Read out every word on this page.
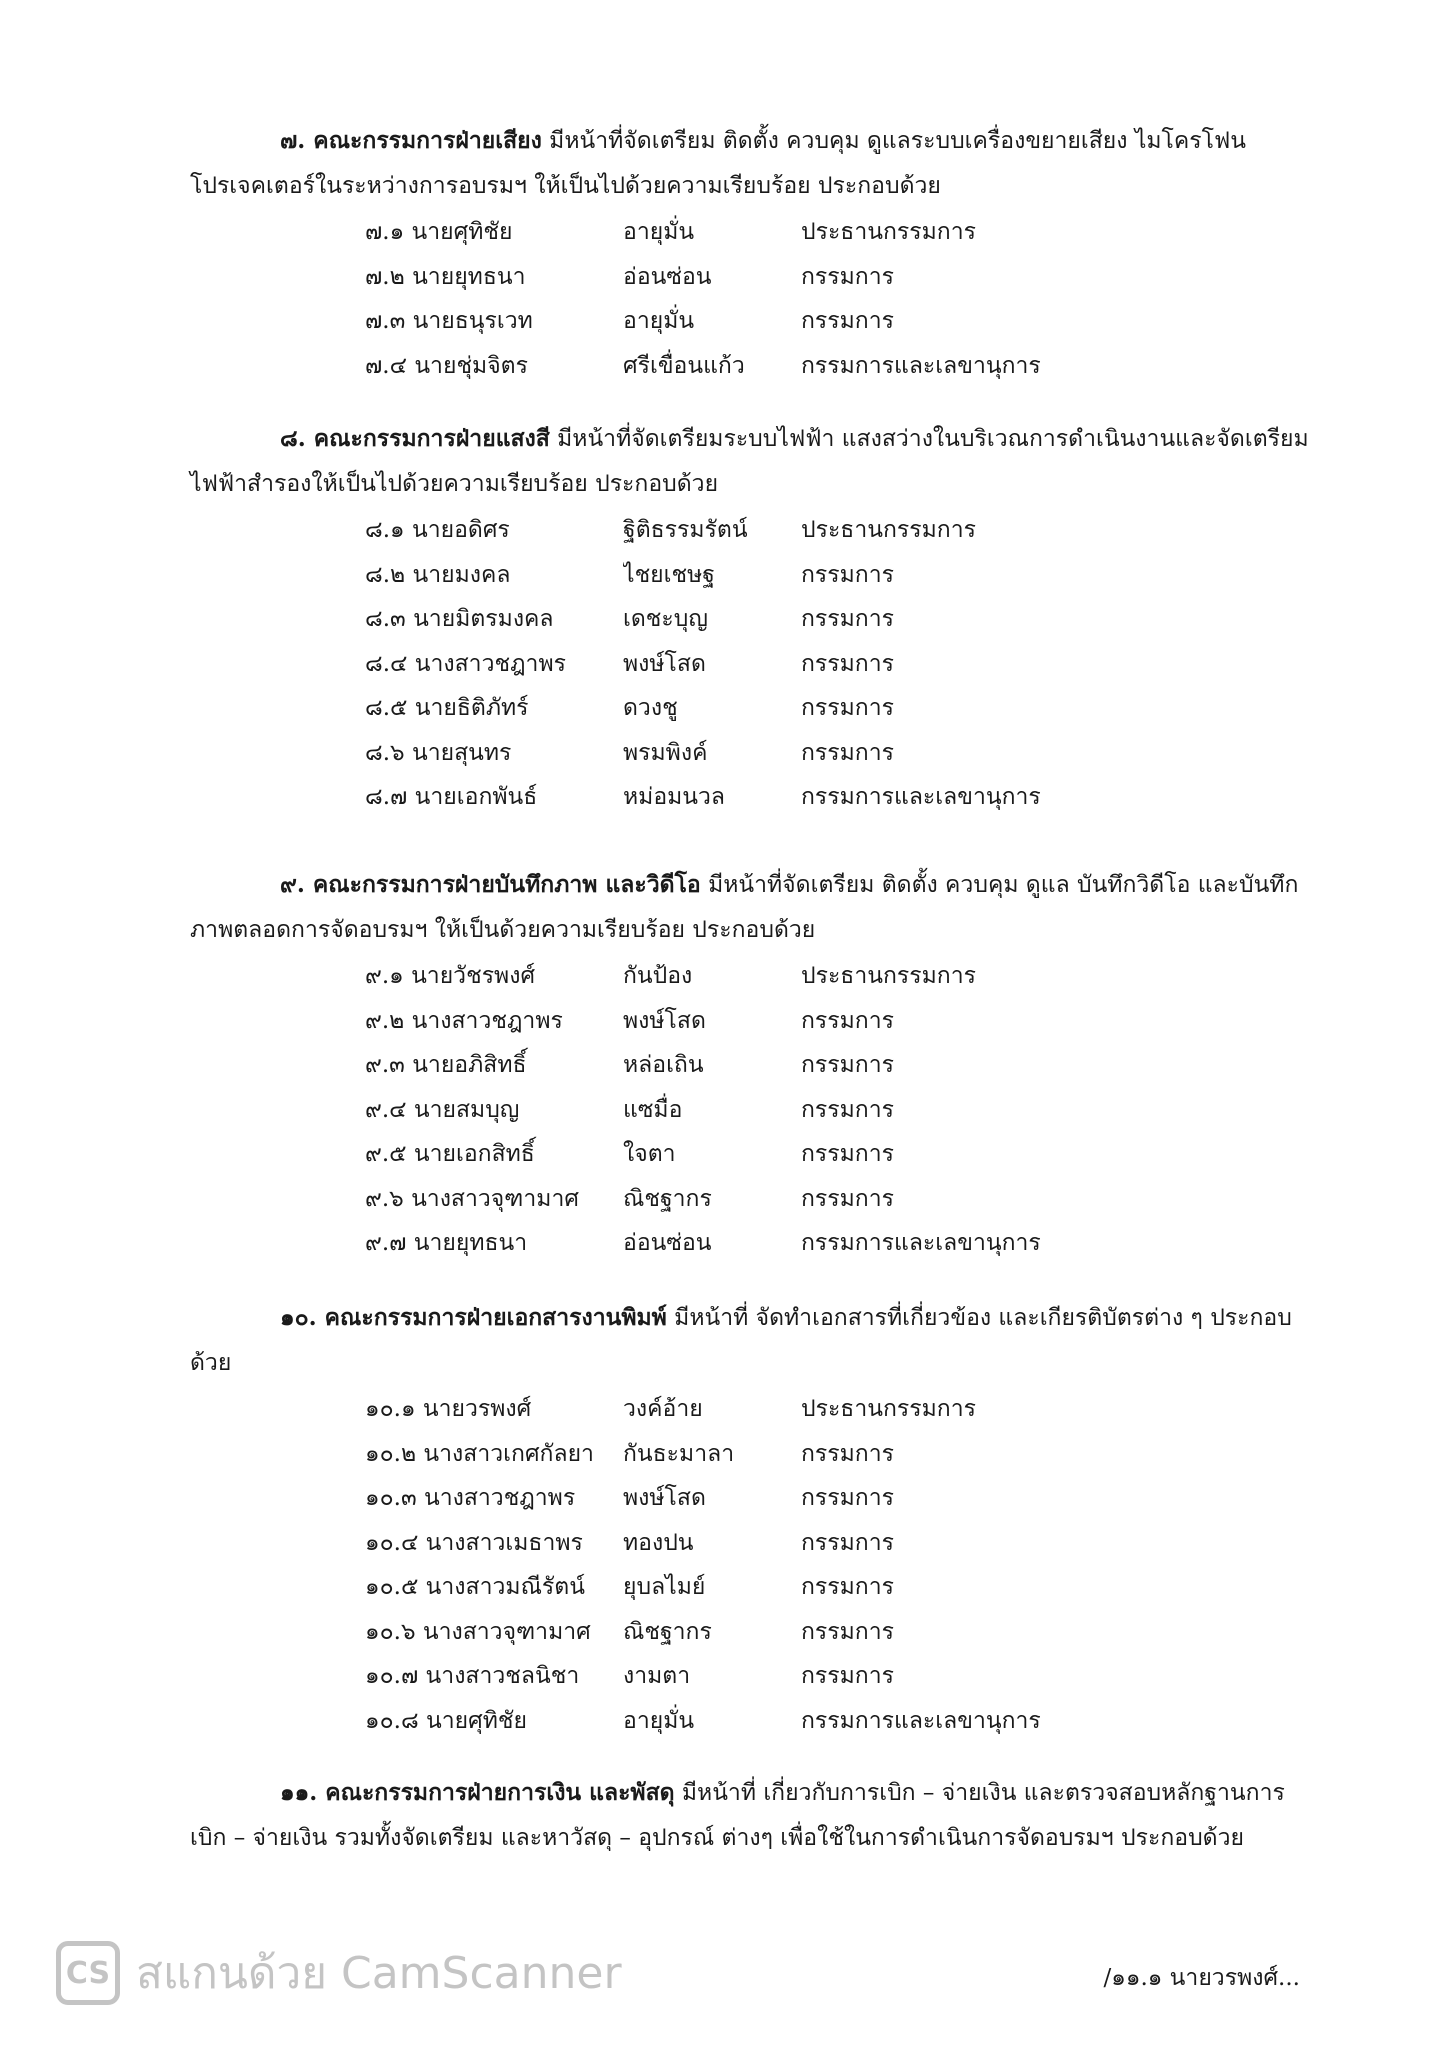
๗. คณะกรรมการฝ่ายเสียง มีหน้าที่จัดเตรียม ติดตั้ง ควบคุม ดูแลระบบเครื่องขยายเสียง ไมโครโฟน โปรเจคเตอร์ในระหว่างการอบรมฯ ให้เป็นไปด้วยความเรียบร้อย ประกอบด้วย

๗.๑ นายศุทิชัย	อายุมั่น	ประธานกรรมการ
๗.๒ นายยุทธนา	อ่อนซ่อน	กรรมการ
๗.๓ นายธนุรเวท	อายุมั่น	กรรมการ
๗.๔ นายชุ่มจิตร	ศรีเขื่อนแก้ว	กรรมการและเลขานุการ

๘. คณะกรรมการฝ่ายแสงสี มีหน้าที่จัดเตรียมระบบไฟฟ้า แสงสว่างในบริเวณการดำเนินงานและจัดเตรียมไฟฟ้าสำรองให้เป็นไปด้วยความเรียบร้อย ประกอบด้วย

๘.๑ นายอดิศร	ฐิติธรรมรัตน์	ประธานกรรมการ
๘.๒ นายมงคล	ไชยเชษฐ	กรรมการ
๘.๓ นายมิตรมงคล	เดชะบุญ	กรรมการ
๘.๔ นางสาวชฎาพร	พงษ์โสด	กรรมการ
๘.๕ นายธิติภัทร์	ดวงชู	กรรมการ
๘.๖ นายสุนทร	พรมพิงค์	กรรมการ
๘.๗ นายเอกพันธ์	หม่อมนวล	กรรมการและเลขานุการ

๙. คณะกรรมการฝ่ายบันทึกภาพ และวิดีโอ มีหน้าที่จัดเตรียม ติดตั้ง ควบคุม ดูแล บันทึกวิดีโอ และบันทึกภาพตลอดการจัดอบรมฯ ให้เป็นด้วยความเรียบร้อย ประกอบด้วย

๙.๑ นายวัชรพงศ์	กันป้อง	ประธานกรรมการ
๙.๒ นางสาวชฎาพร	พงษ์โสด	กรรมการ
๙.๓ นายอภิสิทธิ์	หล่อเถิน	กรรมการ
๙.๔ นายสมบุญ	แซมื่อ	กรรมการ
๙.๕ นายเอกสิทธิ์	ใจตา	กรรมการ
๙.๖ นางสาวจุฑามาศ	ณิชฐากร	กรรมการ
๙.๗ นายยุทธนา	อ่อนซ่อน	กรรมการและเลขานุการ

๑๐. คณะกรรมการฝ่ายเอกสารงานพิมพ์ มีหน้าที่ จัดทำเอกสารที่เกี่ยวข้อง และเกียรติบัตรต่าง ๆ ประกอบด้วย

๑๐.๑ นายวรพงศ์	วงค์อ้าย	ประธานกรรมการ
๑๐.๒ นางสาวเกศกัลยา	กันธะมาลา	กรรมการ
๑๐.๓ นางสาวชฎาพร	พงษ์โสด	กรรมการ
๑๐.๔ นางสาวเมธาพร	ทองปน	กรรมการ
๑๐.๕ นางสาวมณีรัตน์	ยุบลไมย์	กรรมการ
๑๐.๖ นางสาวจุฑามาศ	ณิชฐากร	กรรมการ
๑๐.๗ นางสาวชลนิชา	งามตา	กรรมการ
๑๐.๘ นายศุทิชัย	อายุมั่น	กรรมการและเลขานุการ

๑๑. คณะกรรมการฝ่ายการเงิน และพัสดุ มีหน้าที่ เกี่ยวกับการเบิก – จ่ายเงิน และตรวจสอบหลักฐานการเบิก – จ่ายเงิน รวมทั้งจัดเตรียม และหาวัสดุ – อุปกรณ์ ต่างๆ เพื่อใช้ในการดำเนินการจัดอบรมฯ ประกอบด้วย

CS สแกนด้วย CamScanner	/๑๑.๑ นายวรพงศ์...
